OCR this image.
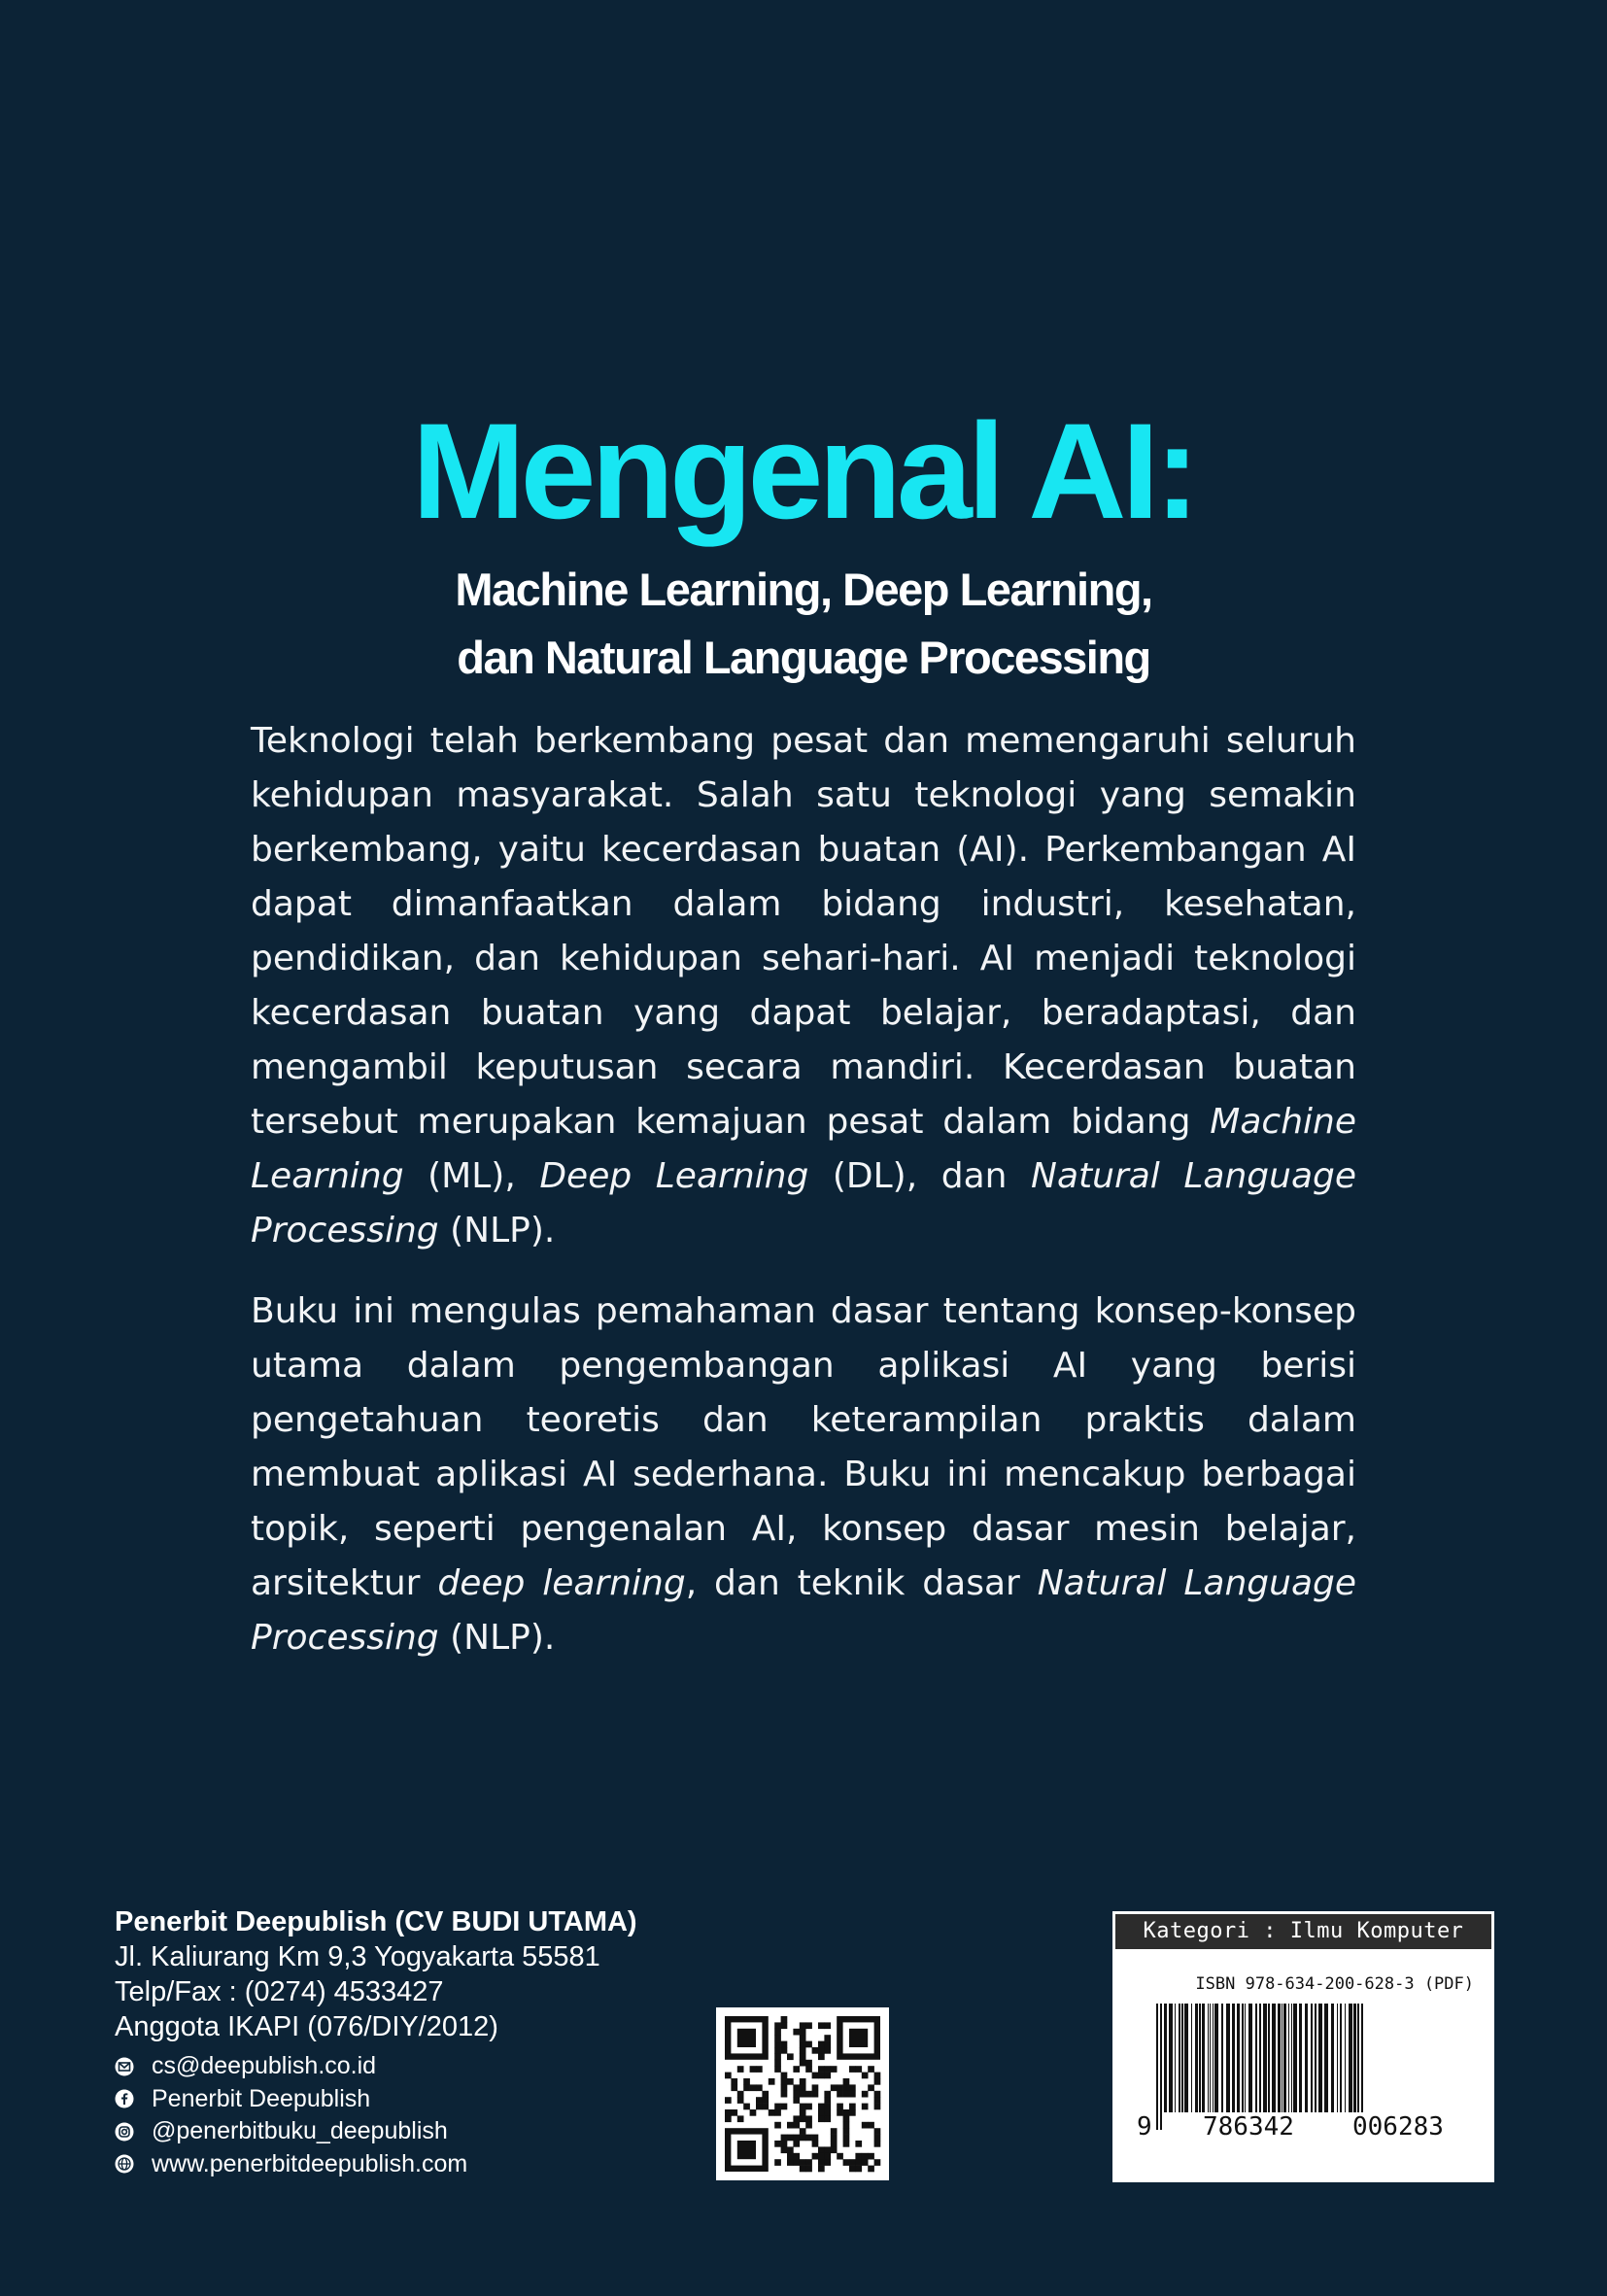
Mengenal AI:
Machine Learning, Deep Learning,
dan Natural Language Processing

Teknologi telah berkembang pesat dan memengaruhi seluruh kehidupan masyarakat. Salah satu teknologi yang semakin berkembang, yaitu kecerdasan buatan (AI). Perkembangan AI dapat dimanfaatkan dalam bidang industri, kesehatan, pendidikan, dan kehidupan sehari-hari. AI menjadi teknologi kecerdasan buatan yang dapat belajar, beradaptasi, dan mengambil keputusan secara mandiri. Kecerdasan buatan tersebut merupakan kemajuan pesat dalam bidang Machine Learning (ML), Deep Learning (DL), dan Natural Language Processing (NLP).

Buku ini mengulas pemahaman dasar tentang konsep-konsep utama dalam pengembangan aplikasi AI yang berisi pengetahuan teoretis dan keterampilan praktis dalam membuat aplikasi AI sederhana. Buku ini mencakup berbagai topik, seperti pengenalan AI, konsep dasar mesin belajar, arsitektur deep learning, dan teknik dasar Natural Language Processing (NLP).

Penerbit Deepublish (CV BUDI UTAMA)
Jl. Kaliurang Km 9,3 Yogyakarta 55581
Telp/Fax : (0274) 4533427
Anggota IKAPI (076/DIY/2012)
cs@deepublish.co.id
Penerbit Deepublish
@penerbitbuku_deepublish
www.penerbitdeepublish.com
Kategori : Ilmu Komputer
ISBN 978-634-200-628-3 (PDF)
9 786342 006283
